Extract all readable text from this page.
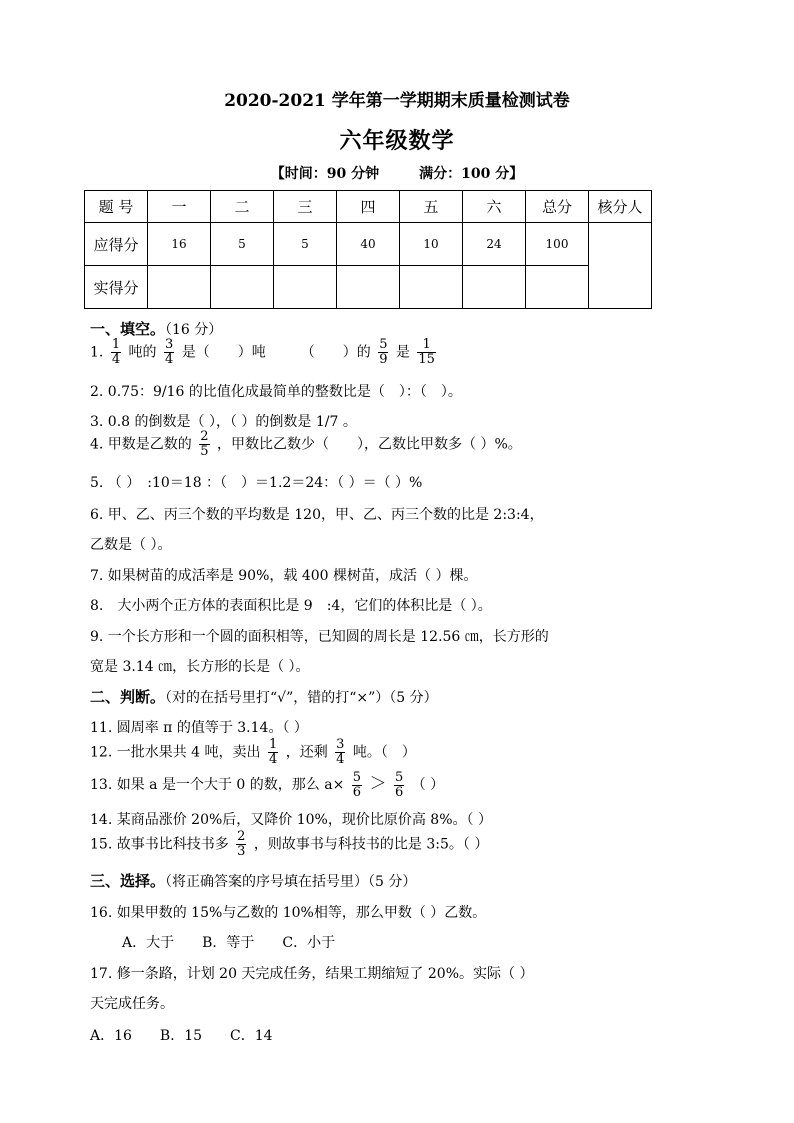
2020-2021 学年第一学期期末质量检测试卷
六年级数学
【时间：90 分钟	满分：100 分】
题 号	一	二	三	四	五	六	总分	核分人
应得分	16	5	5	40	10	24	100	
实得分								
一、填空。（16 分）
1. $\frac{1}{4}$ 吨的 $\frac{3}{4}$ 是（　　）吨　　　（　　）的 $\frac{5}{9}$ 是 $\frac{1}{15}$
2. 0.75：9/16 的比值化成最简单的整数比是（　）：（　）。
3. 0.8 的倒数是（ ），（ ）的倒数是 1/7 。
4. 甲数是乙数的 $\frac{2}{5}$ ，甲数比乙数少（　　），乙数比甲数多（ ）%。
5. （ ）　:10＝18 ：（　）＝1.2＝24：（ ）＝（ ）%
6. 甲、乙、丙三个数的平均数是 120，甲、乙、丙三个数的比是 2:3:4，
乙数是（ ）。
7. 如果树苗的成活率是 90%，载 400 棵树苗，成活（ ）棵。
8.　大小两个正方体的表面积比是 9　:4，它们的体积比是（ ）。
9. 一个长方形和一个圆的面积相等，已知圆的周长是 12.56 ㎝，长方形的
宽是 3.14 ㎝，长方形的长是（ ）。
二、判断。（对的在括号里打“√”，错的打“×”）（5 分）
11. 圆周率 π 的值等于 3.14。（ ）
12. 一批水果共 4 吨，卖出 $\frac{1}{4}$ ，还剩 $\frac{3}{4}$ 吨。（　）
13. 如果 a 是一个大于 0 的数，那么 $a\times \frac{5}{6} > \frac{5}{6}$ （ ）
14. 某商品涨价 20%后，又降价 10%，现价比原价高 8%。（ ）
15. 故事书比科技书多 $\frac{2}{3}$ ，则故事书与科技书的比是 3:5。（ ）
三、选择。（将正确答案的序号填在括号里）（5 分）
16. 如果甲数的 15%与乙数的 10%相等，那么甲数（ ）乙数。
A．大于　　B．等于　　C．小于
17. 修一条路，计划 20 天完成任务，结果工期缩短了 20%。实际（ ）
天完成任务。
A．16　　B．15　　C．14
